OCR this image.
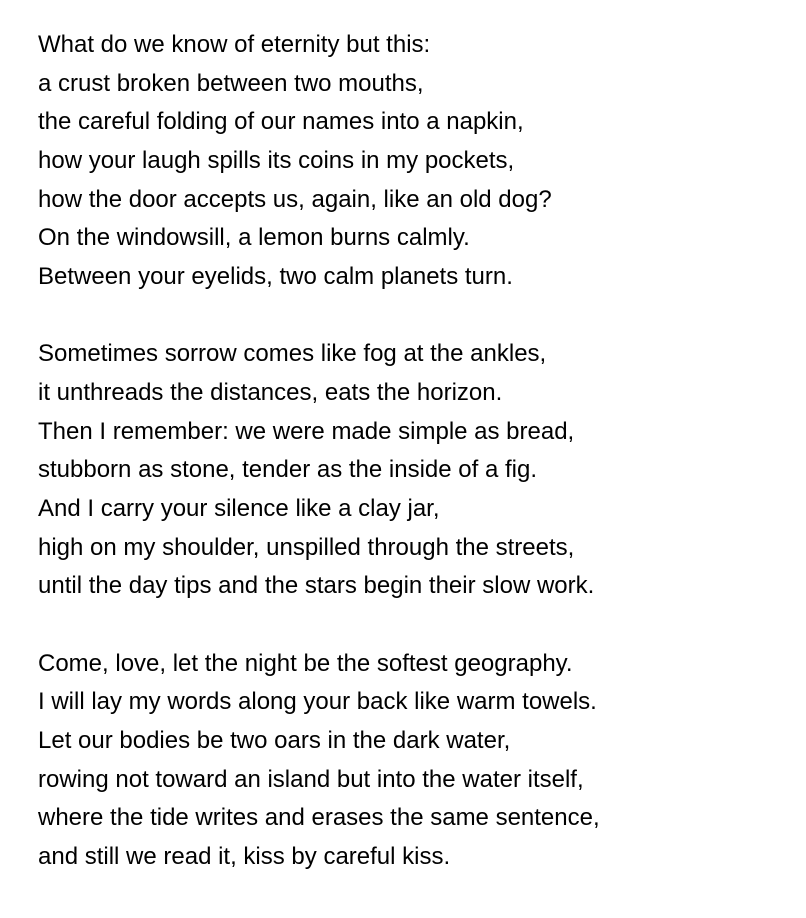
What do we know of eternity but this:
a crust broken between two mouths,
the careful folding of our names into a napkin,
how your laugh spills its coins in my pockets,
how the door accepts us, again, like an old dog?
On the windowsill, a lemon burns calmly.
Between your eyelids, two calm planets turn.
Sometimes sorrow comes like fog at the ankles,
it unthreads the distances, eats the horizon.
Then I remember: we were made simple as bread,
stubborn as stone, tender as the inside of a fig.
And I carry your silence like a clay jar,
high on my shoulder, unspilled through the streets,
until the day tips and the stars begin their slow work.
Come, love, let the night be the softest geography.
I will lay my words along your back like warm towels.
Let our bodies be two oars in the dark water,
rowing not toward an island but into the water itself,
where the tide writes and erases the same sentence,
and still we read it, kiss by careful kiss.
